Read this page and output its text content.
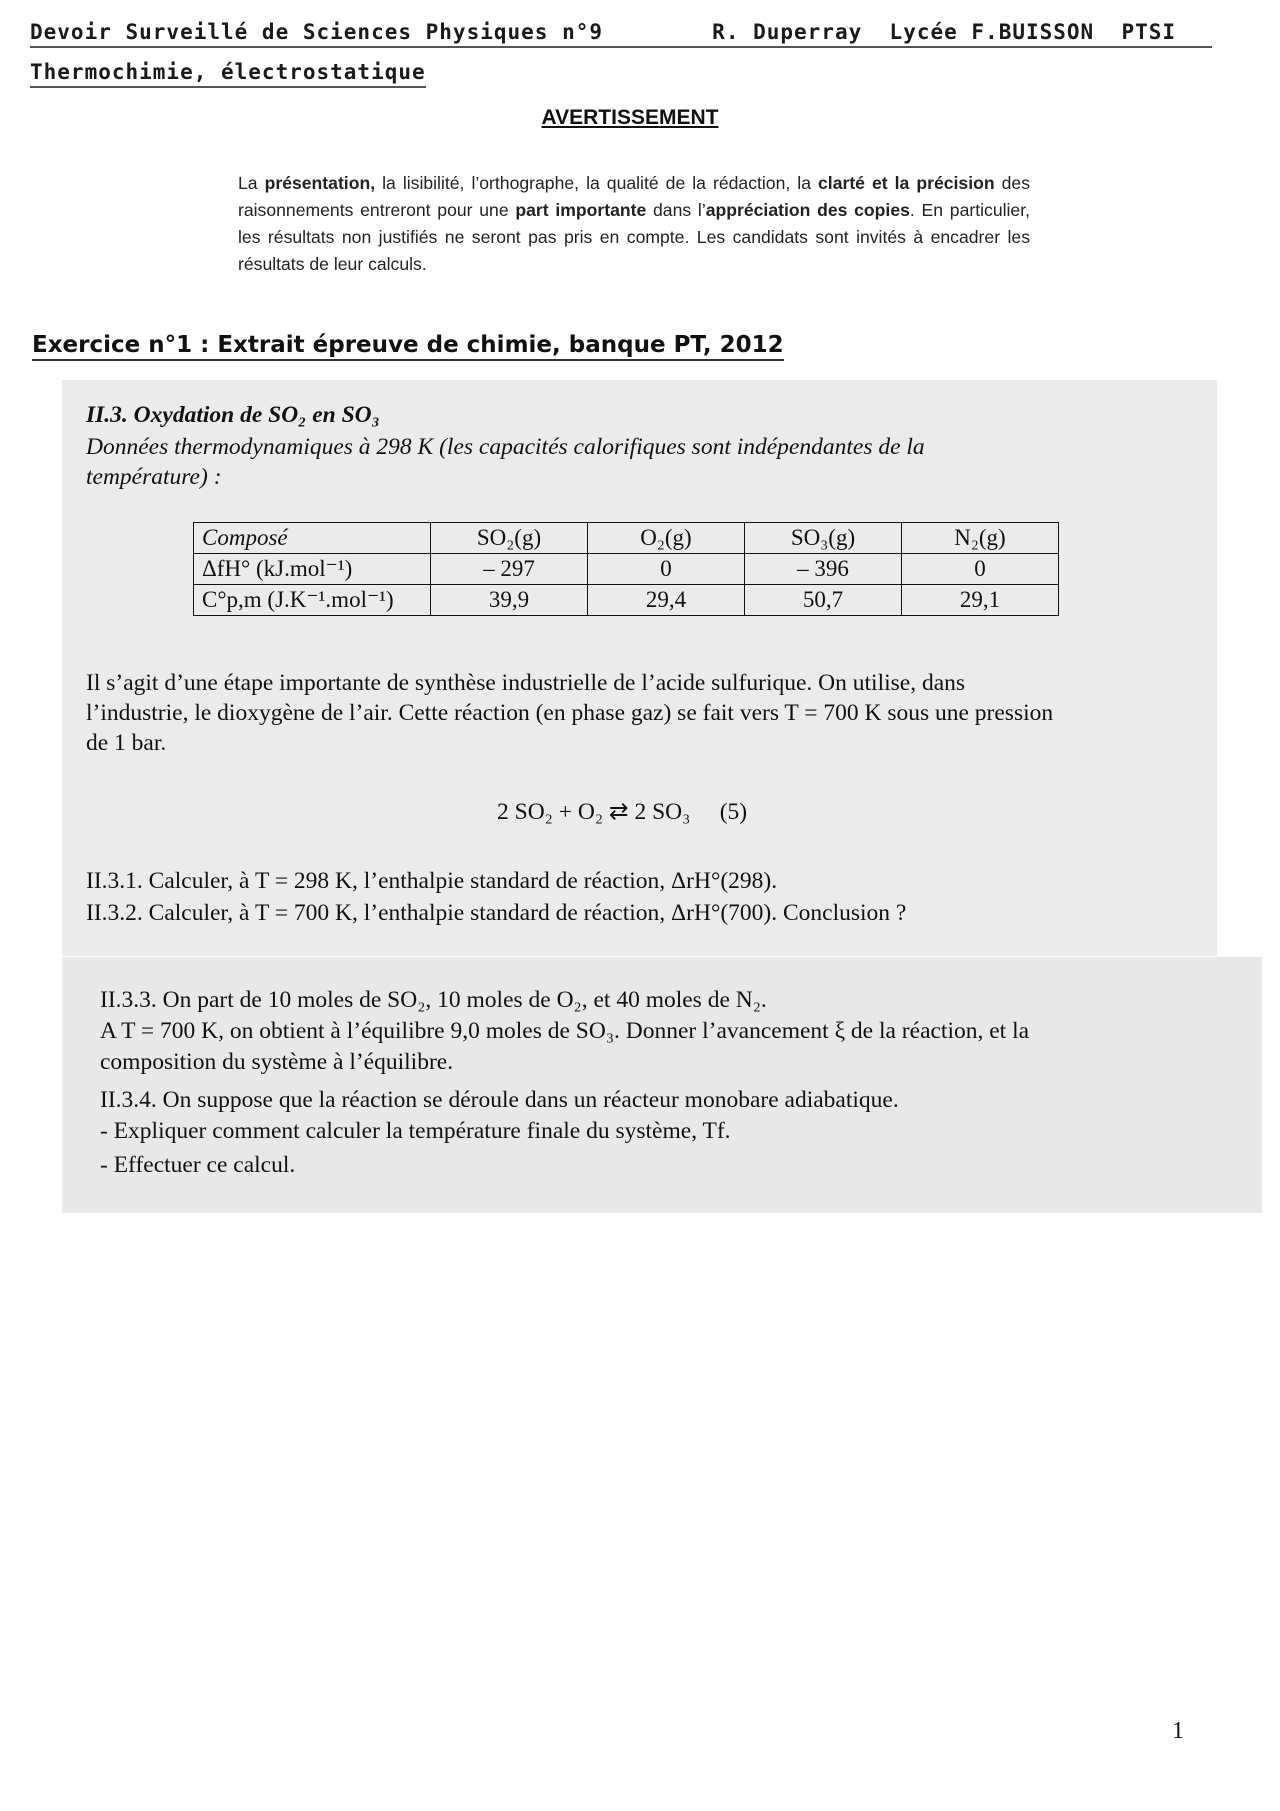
Devoir Surveillé de Sciences Physiques n°9	R. Duperray Lycée F.BUISSON PTSI
Thermochimie, électrostatique
AVERTISSEMENT
La présentation, la lisibilité, l’orthographe, la qualité de la rédaction, la clarté et la précision des raisonnements entreront pour une part importante dans l’appréciation des copies. En particulier, les résultats non justifiés ne seront pas pris en compte. Les candidats sont invités à encadrer les résultats de leur calculs.
Exercice n°1 : Extrait épreuve de chimie, banque PT, 2012
II.3. Oxydation de SO₂ en SO₃
Données thermodynamiques à 298 K (les capacités calorifiques sont indépendantes de la
température) :
Composé	SO₂(g)	O₂(g)	SO₃(g)	N₂(g)
ΔfH° (kJ.mol⁻¹)	– 297	0	– 396	0
C°p,m (J.K⁻¹.mol⁻¹)	39,9	29,4	50,7	29,1
Il s’agit d’une étape importante de synthèse industrielle de l’acide sulfurique. On utilise, dans
l’industrie, le dioxygène de l’air. Cette réaction (en phase gaz) se fait vers T = 700 K sous une pression
de 1 bar.
2 SO₂ + O₂ ⇄ 2 SO₃     (5)
II.3.1. Calculer, à T = 298 K, l’enthalpie standard de réaction, ΔrH°(298).
II.3.2. Calculer, à T = 700 K, l’enthalpie standard de réaction, ΔrH°(700). Conclusion ?
II.3.3. On part de 10 moles de SO₂, 10 moles de O₂, et 40 moles de N₂.
A T = 700 K, on obtient à l’équilibre 9,0 moles de SO₃. Donner l’avancement ξ de la réaction, et la
composition du système à l’équilibre.
II.3.4. On suppose que la réaction se déroule dans un réacteur monobare adiabatique.
- Expliquer comment calculer la température finale du système, Tf.
- Effectuer ce calcul.
1
